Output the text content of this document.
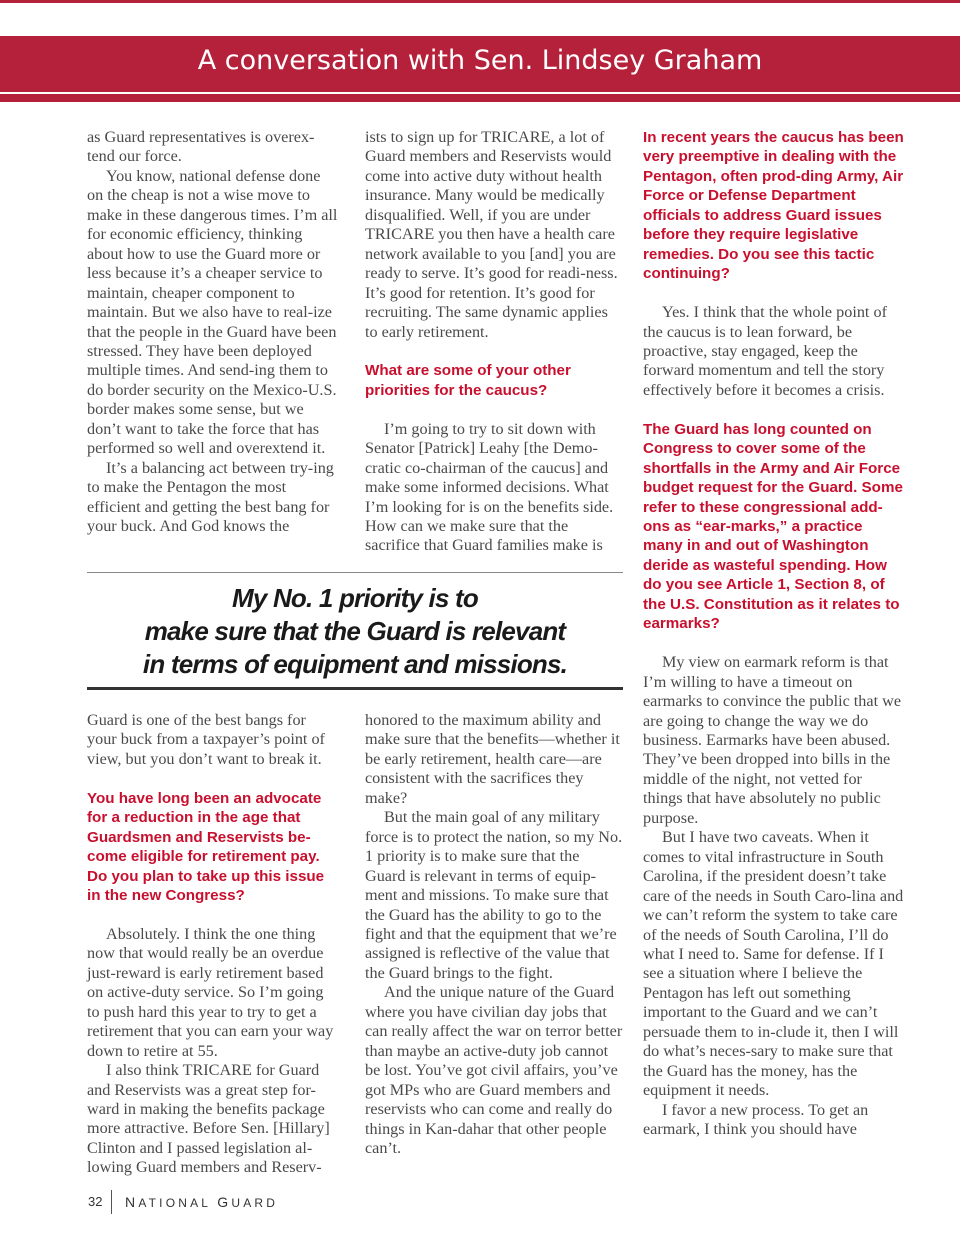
A conversation with Sen. Lindsey Graham

as Guard representatives is overex-tend our force.

You know, national defense done on the cheap is not a wise move to make in these dangerous times. I’m all for economic efficiency, thinking about how to use the Guard more or less because it’s a cheaper service to maintain, cheaper component to maintain. But we also have to real-ize that the people in the Guard have been stressed. They have been deployed multiple times. And send-ing them to do border security on the Mexico-U.S. border makes some sense, but we don’t want to take the force that has performed so well and overextend it.

It’s a balancing act between try-ing to make the Pentagon the most efficient and getting the best bang for your buck. And God knows the

ists to sign up for TRICARE, a lot of Guard members and Reservists would come into active duty without health insurance. Many would be medically disqualified. Well, if you are under TRICARE you then have a health care network available to you [and] you are ready to serve. It’s good for readi-ness. It’s good for retention. It’s good for recruiting. The same dynamic applies to early retirement.

What are some of your other priorities for the caucus?

I’m going to try to sit down with Senator [Patrick] Leahy [the Demo-cratic co-chairman of the caucus] and make some informed decisions. What I’m looking for is on the benefits side. How can we make sure that the sacrifice that Guard families make is

In recent years the caucus has been very preemptive in dealing with the Pentagon, often prod-ding Army, Air Force or Defense Department officials to address Guard issues before they require legislative remedies. Do you see this tactic continuing?

Yes. I think that the whole point of the caucus is to lean forward, be proactive, stay engaged, keep the forward momentum and tell the story effectively before it becomes a crisis.

The Guard has long counted on Congress to cover some of the shortfalls in the Army and Air Force budget request for the Guard. Some refer to these congressional add-ons as “ear-marks,” a practice many in and out of Washington deride as wasteful spending. How do you see Article 1, Section 8, of the U.S. Constitution as it relates to earmarks?

My view on earmark reform is that I’m willing to have a timeout on earmarks to convince the public that we are going to change the way we do business. Earmarks have been abused. They’ve been dropped into bills in the middle of the night, not vetted for things that have absolutely no public purpose.

But I have two caveats. When it comes to vital infrastructure in South Carolina, if the president doesn’t take care of the needs in South Caro-lina and we can’t reform the system to take care of the needs of South Carolina, I’ll do what I need to. Same for defense. If I see a situation where I believe the Pentagon has left out something important to the Guard and we can’t persuade them to in-clude it, then I will do what’s neces-sary to make sure that the Guard has the money, has the equipment it needs.

I favor a new process. To get an earmark, I think you should have

My No. 1 priority is to
make sure that the Guard is relevant
in terms of equipment and missions.

Guard is one of the best bangs for your buck from a taxpayer’s point of view, but you don’t want to break it.

You have long been an advocate for a reduction in the age that Guardsmen and Reservists be-come eligible for retirement pay. Do you plan to take up this issue in the new Congress?

Absolutely. I think the one thing now that would really be an overdue just-reward is early retirement based on active-duty service. So I’m going to push hard this year to try to get a retirement that you can earn your way down to retire at 55.

I also think TRICARE for Guard and Reservists was a great step for-ward in making the benefits package more attractive. Before Sen. [Hillary] Clinton and I passed legislation al-lowing Guard members and Reserv-

honored to the maximum ability and make sure that the benefits—whether it be early retirement, health care—are consistent with the sacrifices they make?

But the main goal of any military force is to protect the nation, so my No. 1 priority is to make sure that the Guard is relevant in terms of equip-ment and missions. To make sure that the Guard has the ability to go to the fight and that the equipment that we’re assigned is reflective of the value that the Guard brings to the fight.

And the unique nature of the Guard where you have civilian day jobs that can really affect the war on terror better than maybe an active-duty job cannot be lost. You’ve got civil affairs, you’ve got MPs who are Guard members and reservists who can come and really do things in Kan-dahar that other people can’t.

32 NATIONAL GUARD
